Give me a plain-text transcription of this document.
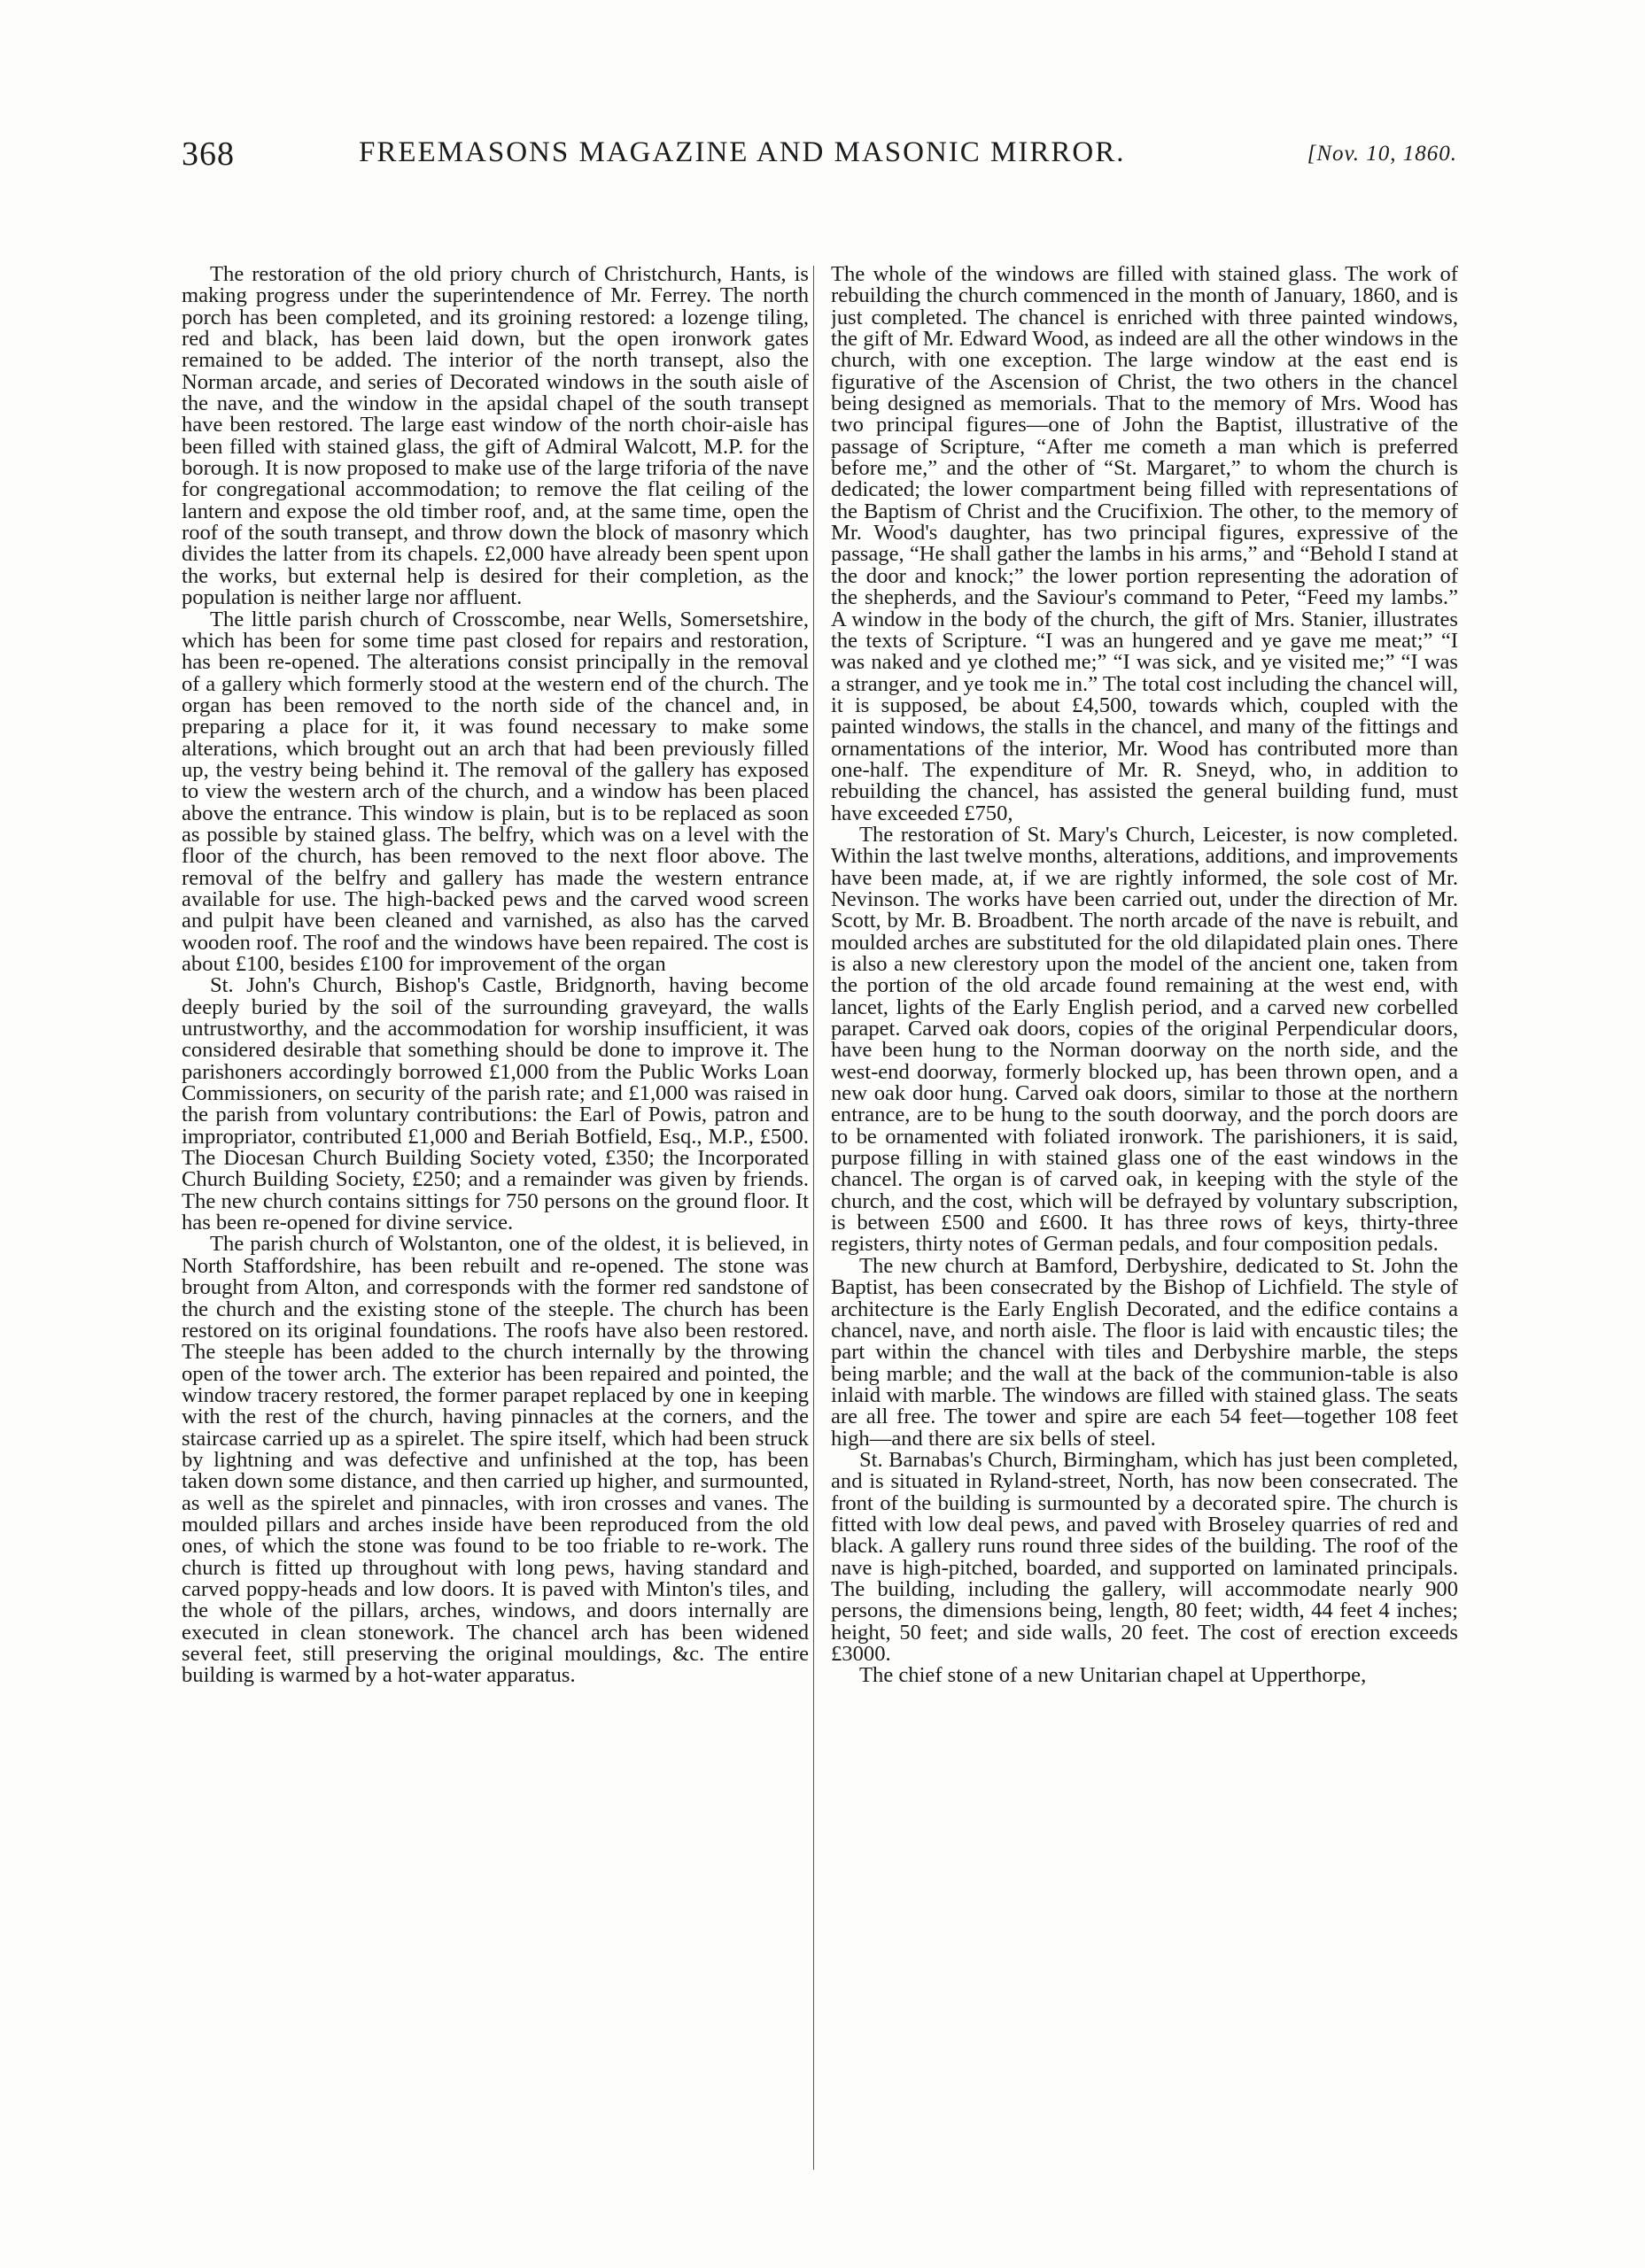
368	FREEMASONS MAGAZINE AND MASONIC MIRROR.	[Nov. 10, 1860.

The restoration of the old priory church of Christchurch, Hants, is making progress under the superintendence of Mr. Ferrey. The north porch has been completed, and its groining restored: a lozenge tiling, red and black, has been laid down, but the open ironwork gates remained to be added. The interior of the north transept, also the Norman arcade, and series of Decorated windows in the south aisle of the nave, and the window in the apsidal chapel of the south transept have been restored. The large east window of the north choir-aisle has been filled with stained glass, the gift of Admiral Walcott, M.P. for the borough. It is now proposed to make use of the large triforia of the nave for congregational accommodation; to remove the flat ceiling of the lantern and expose the old timber roof, and, at the same time, open the roof of the south transept, and throw down the block of masonry which divides the latter from its chapels. £2,000 have already been spent upon the works, but external help is desired for their completion, as the population is neither large nor affluent.

The little parish church of Crosscombe, near Wells, Somersetshire, which has been for some time past closed for repairs and restoration, has been re-opened. The alterations consist principally in the removal of a gallery which formerly stood at the western end of the church. The organ has been removed to the north side of the chancel and, in preparing a place for it, it was found necessary to make some alterations, which brought out an arch that had been previously filled up, the vestry being behind it. The removal of the gallery has exposed to view the western arch of the church, and a window has been placed above the entrance. This window is plain, but is to be replaced as soon as possible by stained glass. The belfry, which was on a level with the floor of the church, has been removed to the next floor above. The removal of the belfry and gallery has made the western entrance available for use. The high-backed pews and the carved wood screen and pulpit have been cleaned and varnished, as also has the carved wooden roof. The roof and the windows have been repaired. The cost is about £100, besides £100 for improvement of the organ

St. John's Church, Bishop's Castle, Bridgnorth, having become deeply buried by the soil of the surrounding graveyard, the walls untrustworthy, and the accommodation for worship insufficient, it was considered desirable that something should be done to improve it. The parishoners accordingly borrowed £1,000 from the Public Works Loan Commissioners, on security of the parish rate; and £1,000 was raised in the parish from voluntary contributions: the Earl of Powis, patron and impropriator, contributed £1,000 and Beriah Botfield, Esq., M.P., £500. The Diocesan Church Building Society voted, £350; the Incorporated Church Building Society, £250; and a remainder was given by friends. The new church contains sittings for 750 persons on the ground floor. It has been re-opened for divine service.

The parish church of Wolstanton, one of the oldest, it is believed, in North Staffordshire, has been rebuilt and re-opened. The stone was brought from Alton, and corresponds with the former red sandstone of the church and the existing stone of the steeple. The church has been restored on its original foundations. The roofs have also been restored. The steeple has been added to the church internally by the throwing open of the tower arch. The exterior has been repaired and pointed, the window tracery restored, the former parapet replaced by one in keeping with the rest of the church, having pinnacles at the corners, and the staircase carried up as a spirelet. The spire itself, which had been struck by lightning and was defective and unfinished at the top, has been taken down some distance, and then carried up higher, and surmounted, as well as the spirelet and pinnacles, with iron crosses and vanes. The moulded pillars and arches inside have been reproduced from the old ones, of which the stone was found to be too friable to re-work. The church is fitted up throughout with long pews, having standard and carved poppy-heads and low doors. It is paved with Minton's tiles, and the whole of the pillars, arches, windows, and doors internally are executed in clean stonework. The chancel arch has been widened several feet, still preserving the original mouldings, &c. The entire building is warmed by a hot-water apparatus.

The whole of the windows are filled with stained glass. The work of rebuilding the church commenced in the month of January, 1860, and is just completed. The chancel is enriched with three painted windows, the gift of Mr. Edward Wood, as indeed are all the other windows in the church, with one exception. The large window at the east end is figurative of the Ascension of Christ, the two others in the chancel being designed as memorials. That to the memory of Mrs. Wood has two principal figures—one of John the Baptist, illustrative of the passage of Scripture, “After me cometh a man which is preferred before me,” and the other of “St. Margaret,” to whom the church is dedicated; the lower compartment being filled with representations of the Baptism of Christ and the Crucifixion. The other, to the memory of Mr. Wood's daughter, has two principal figures, expressive of the passage, “He shall gather the lambs in his arms,” and “Behold I stand at the door and knock;” the lower portion representing the adoration of the shepherds, and the Saviour's command to Peter, “Feed my lambs.” A window in the body of the church, the gift of Mrs. Stanier, illustrates the texts of Scripture. “I was an hungered and ye gave me meat;” “I was naked and ye clothed me;” “I was sick, and ye visited me;” “I was a stranger, and ye took me in.” The total cost including the chancel will, it is supposed, be about £4,500, towards which, coupled with the painted windows, the stalls in the chancel, and many of the fittings and ornamentations of the interior, Mr. Wood has contributed more than one-half. The expenditure of Mr. R. Sneyd, who, in addition to rebuilding the chancel, has assisted the general building fund, must have exceeded £750,

The restoration of St. Mary's Church, Leicester, is now completed. Within the last twelve months, alterations, additions, and improvements have been made, at, if we are rightly informed, the sole cost of Mr. Nevinson. The works have been carried out, under the direction of Mr. Scott, by Mr. B. Broadbent. The north arcade of the nave is rebuilt, and moulded arches are substituted for the old dilapidated plain ones. There is also a new clerestory upon the model of the ancient one, taken from the portion of the old arcade found remaining at the west end, with lancet, lights of the Early English period, and a carved new corbelled parapet. Carved oak doors, copies of the original Perpendicular doors, have been hung to the Norman doorway on the north side, and the west-end doorway, formerly blocked up, has been thrown open, and a new oak door hung. Carved oak doors, similar to those at the northern entrance, are to be hung to the south doorway, and the porch doors are to be ornamented with foliated ironwork. The parishioners, it is said, purpose filling in with stained glass one of the east windows in the chancel. The organ is of carved oak, in keeping with the style of the church, and the cost, which will be defrayed by voluntary subscription, is between £500 and £600. It has three rows of keys, thirty-three registers, thirty notes of German pedals, and four composition pedals.

The new church at Bamford, Derbyshire, dedicated to St. John the Baptist, has been consecrated by the Bishop of Lichfield. The style of architecture is the Early English Decorated, and the edifice contains a chancel, nave, and north aisle. The floor is laid with encaustic tiles; the part within the chancel with tiles and Derbyshire marble, the steps being marble; and the wall at the back of the communion-table is also inlaid with marble. The windows are filled with stained glass. The seats are all free. The tower and spire are each 54 feet—together 108 feet high—and there are six bells of steel.

St. Barnabas's Church, Birmingham, which has just been completed, and is situated in Ryland-street, North, has now been consecrated. The front of the building is surmounted by a decorated spire. The church is fitted with low deal pews, and paved with Broseley quarries of red and black. A gallery runs round three sides of the building. The roof of the nave is high-pitched, boarded, and supported on laminated principals. The building, including the gallery, will accommodate nearly 900 persons, the dimensions being, length, 80 feet; width, 44 feet 4 inches; height, 50 feet; and side walls, 20 feet. The cost of erection exceeds £3000.

The chief stone of a new Unitarian chapel at Upperthorpe,
